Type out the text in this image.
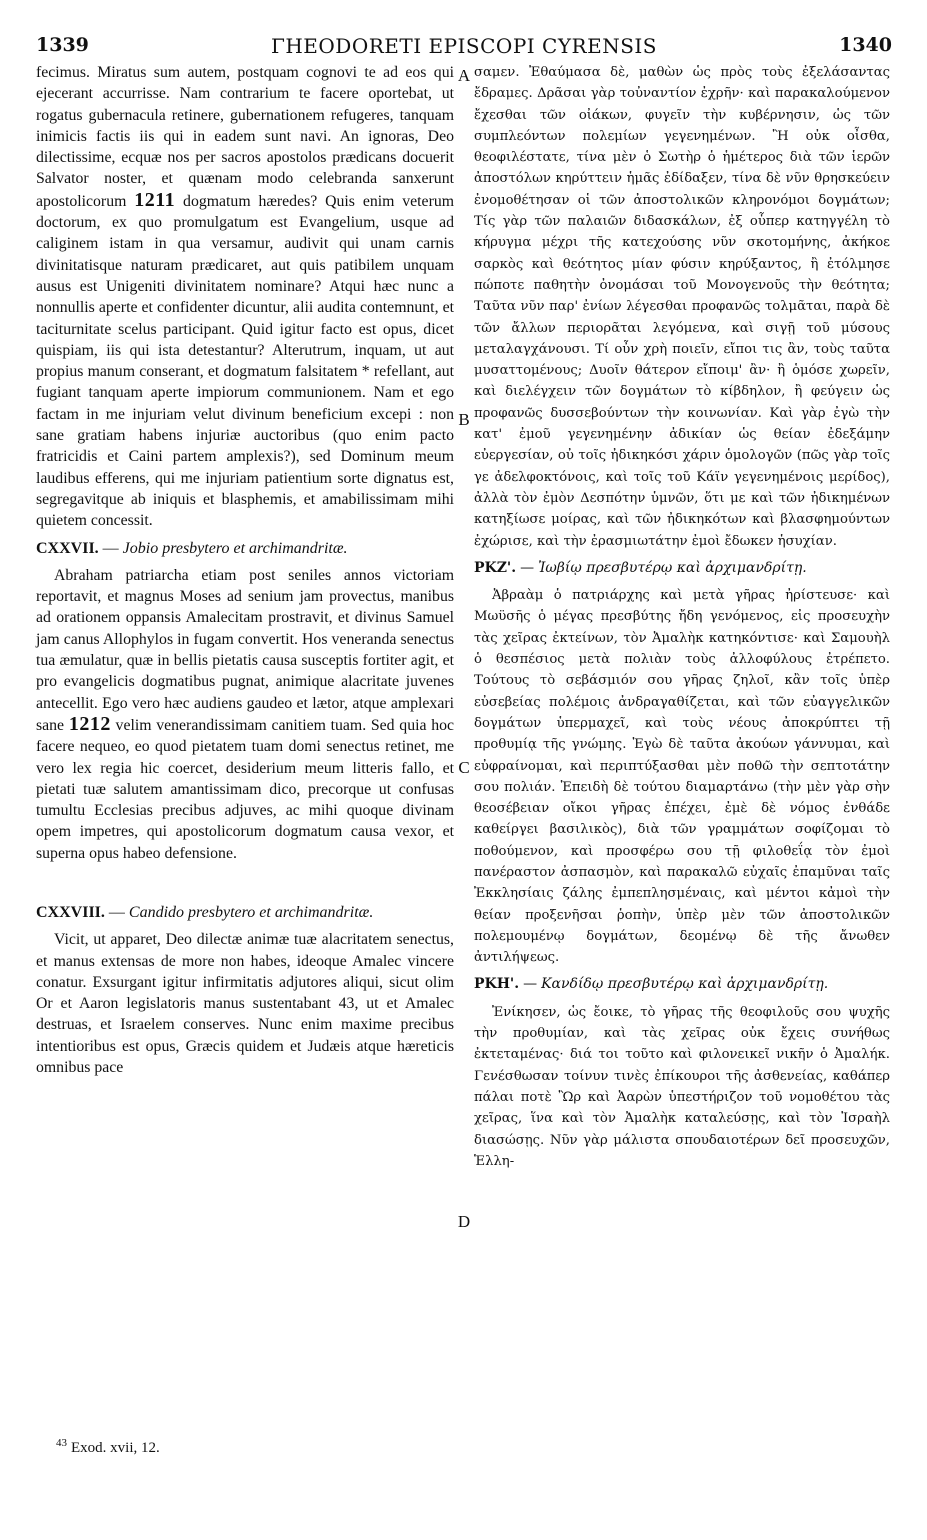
1339	ΓHEODORETI EPISCOPI CYRENSIS	1340
A
B
C
D

fecimus. Miratus sum autem, postquam cognovi te ad eos qui ejecerant accurrisse. Nam contrarium te facere oportebat, ut rogatus gubernacula retinere, gubernationem refugeres, tanquam inimicis factis iis qui in eadem sunt navi. An ignoras, Deo dilectissime, ecquæ nos per sacros apostolos prædicans docuerit Salvator noster, et quænam modo celebranda sanxerunt apostolicorum 1211 dogmatum hæredes? Quis enim veterum doctorum, ex quo promulgatum est Evangelium, usque ad caliginem istam in qua versamur, audivit qui unam carnis divinitatisque naturam prædicaret, aut quis patibilem unquam ausus est Unigeniti divinitatem nominare? Atqui hæc nunc a nonnullis aperte et confidenter dicuntur, alii audita contemnunt, et taciturnitate scelus participant. Quid igitur facto est opus, dicet quispiam, iis qui ista detestantur? Alterutrum, inquam, ut aut propius manum conserant, et dogmatum falsitatem * refellant, aut fugiant tanquam aperte impiorum communionem. Nam et ego factam in me injuriam velut divinum beneficium excepi : non sane gratiam habens injuriæ auctoribus (quo enim pacto fratricidis et Caini partem amplexis?), sed Dominum meum laudibus efferens, qui me injuriam patientium sorte dignatus est, segregavitque ab iniquis et blasphemis, et amabilissimam mihi quietem concessit.

CXXVII. — Jobio presbytero et archimandritæ.

Abraham patriarcha etiam post seniles annos victoriam reportavit, et magnus Moses ad senium jam provectus, manibus ad orationem oppansis Amalecitam prostravit, et divinus Samuel jam canus Allophylos in fugam convertit. Hos veneranda senectus tua æmulatur, quæ in bellis pietatis causa susceptis fortiter agit, et pro evangelicis dogmatibus pugnat, animique alacritate juvenes antecellit. Ego vero hæc audiens gaudeo et lætor, atque amplexari sane 1212 velim venerandissimam canitiem tuam. Sed quia hoc facere nequeo, eo quod pietatem tuam domi senectus retinet, me vero lex regia hic coercet, desiderium meum litteris fallo, et pietati tuæ salutem amantissimam dico, precorque ut confusas tumultu Ecclesias precibus adjuves, ac mihi quoque divinam opem impetres, qui apostolicorum dogmatum causa vexor, et superna opus habeo defensione.

CXXVIII. — Candido presbytero et archimandritæ.

Vicit, ut apparet, Deo dilectæ animæ tuæ alacritatem senectus, et manus extensas de more non habes, ideoque Amalec vincere conatur. Exsurgant igitur infirmitatis adjutores aliqui, sicut olim Or et Aaron legislatoris manus sustentabant 43, ut et Amalec destruas, et Israelem conserves. Nunc enim maxime precibus intentioribus est opus, Græcis quidem et Judæis atque hæreticis omnibus pace

σαμεν. Ἐθαύμασα δὲ, μαθὼν ὡς πρὸς τοὺς ἐξελάσαντας ἔδραμες. Δρᾶσαι γὰρ τοὐναντίον ἐχρῆν· καὶ παρακαλούμενον ἔχεσθαι τῶν οἰάκων, φυγεῖν τὴν κυβέρνησιν, ὡς τῶν συμπλεόντων πολεμίων γεγενημένων. Ἢ οὐκ οἶσθα, θεοφιλέστατε, τίνα μὲν ὁ Σωτὴρ ὁ ἡμέτερος διὰ τῶν ἱερῶν ἀποστόλων κηρύττειν ἡμᾶς ἐδίδαξεν, τίνα δὲ νῦν θρησκεύειν ἐνομοθέτησαν οἱ τῶν ἀποστολικῶν κληρονόμοι δογμάτων; Τίς γὰρ τῶν παλαιῶν διδασκάλων, ἐξ οὗπερ κατηγγέλη τὸ κήρυγμα μέχρι τῆς κατεχούσης νῦν σκοτομήνης, ἀκήκοε σαρκὸς καὶ θεότητος μίαν φύσιν κηρύξαντος, ἢ ἐτόλμησε πώποτε παθητὴν ὀνομάσαι τοῦ Μονογενοῦς τὴν θεότητα; Ταῦτα νῦν παρ' ἐνίων λέγεσθαι προφανῶς τολμᾶται, παρὰ δὲ τῶν ἄλλων περιορᾶται λεγόμενα, καὶ σιγῇ τοῦ μύσους μεταλαγχάνουσι. Τί οὖν χρὴ ποιεῖν, εἴποι τις ἂν, τοὺς ταῦτα μυσαττομένους; Δυοῖν θάτερον εἴποιμ' ἂν· ἢ ὁμόσε χωρεῖν, καὶ διελέγχειν τῶν δογμάτων τὸ κίβδηλον, ἢ φεύγειν ὡς προφανῶς δυσσεβούντων τὴν κοινωνίαν. Καὶ γὰρ ἐγὼ τὴν κατ' ἐμοῦ γεγενημένην ἀδικίαν ὡς θείαν ἐδεξάμην εὐεργεσίαν, οὐ τοῖς ἠδικηκόσι χάριν ὁμολογῶν (πῶς γὰρ τοῖς γε ἀδελφοκτόνοις, καὶ τοῖς τοῦ Κάϊν γεγενημένοις μερίδος), ἀλλὰ τὸν ἐμὸν Δεσπότην ὑμνῶν, ὅτι με καὶ τῶν ἠδικημένων κατηξίωσε μοίρας, καὶ τῶν ἠδικηκότων καὶ βλασφημούντων ἐχώρισε, καὶ τὴν ἐρασμιωτάτην ἐμοὶ ἔδωκεν ἡσυχίαν.

ΡΚΖ'. — Ἰωβίῳ πρεσβυτέρῳ καὶ ἀρχιμανδρίτῃ.

Ἀβραὰμ ὁ πατριάρχης καὶ μετὰ γῆρας ἠρίστευσε· καὶ Μωϋσῆς ὁ μέγας πρεσβύτης ἤδη γενόμενος, εἰς προσευχὴν τὰς χεῖρας ἐκτείνων, τὸν Ἀμαλὴκ κατηκόντισε· καὶ Σαμουὴλ ὁ θεσπέσιος μετὰ πολιὰν τοὺς ἀλλοφύλους ἐτρέπετο. Τούτους τὸ σεβάσμιόν σου γῆρας ζηλοῖ, κἂν τοῖς ὑπὲρ εὐσεβείας πολέμοις ἀνδραγαθίζεται, καὶ τῶν εὐαγγελικῶν δογμάτων ὑπερμαχεῖ, καὶ τοὺς νέους ἀποκρύπτει τῇ προθυμίᾳ τῆς γνώμης. Ἐγὼ δὲ ταῦτα ἀκούων γάννυμαι, καὶ εὐφραίνομαι, καὶ περιπτύξασθαι μὲν ποθῶ τὴν σεπτοτάτην σου πολιάν. Ἐπειδὴ δὲ τούτου διαμαρτάνω (τὴν μὲν γὰρ σὴν θεοσέβειαν οἴκοι γῆρας ἐπέχει, ἐμὲ δὲ νόμος ἐνθάδε καθείργει βασιλικὸς), διὰ τῶν γραμμάτων σοφίζομαι τὸ ποθούμενον, καὶ προσφέρω σου τῇ φιλοθεΐᾳ τὸν ἐμοὶ πανέραστον ἀσπασμὸν, καὶ παρακαλῶ εὐχαῖς ἐπαμῦναι ταῖς Ἐκκλησίαις ζάλης ἐμπεπλησμέναις, καὶ μέντοι κἀμοὶ τὴν θείαν προξενῆσαι ῥοπὴν, ὑπὲρ μὲν τῶν ἀποστολικῶν πολεμουμένῳ δογμάτων, δεομένῳ δὲ τῆς ἄνωθεν ἀντιλήψεως.

ΡΚΗ'. — Κανδίδῳ πρεσβυτέρῳ καὶ ἀρχιμανδρίτῃ.

Ἐνίκησεν, ὡς ἔοικε, τὸ γῆρας τῆς θεοφιλοῦς σου ψυχῆς τὴν προθυμίαν, καὶ τὰς χεῖρας οὐκ ἔχεις συνήθως ἐκτεταμένας· διά τοι τοῦτο καὶ φιλονεικεῖ νικῆν ὁ Ἀμαλήκ. Γενέσθωσαν τοίνυν τινὲς ἐπίκουροι τῆς ἀσθενείας, καθάπερ πάλαι ποτὲ Ὢρ καὶ Ἀαρὼν ὑπεστήριζον τοῦ νομοθέτου τὰς χεῖρας, ἵνα καὶ τὸν Ἀμαλὴκ καταλεύσῃς, καὶ τὸν Ἰσραὴλ διασώσῃς. Νῦν γὰρ μάλιστα σπουδαιοτέρων δεῖ προσευχῶν, Ἑλλη-

$^{43}$ Exod. xvii, 12.
